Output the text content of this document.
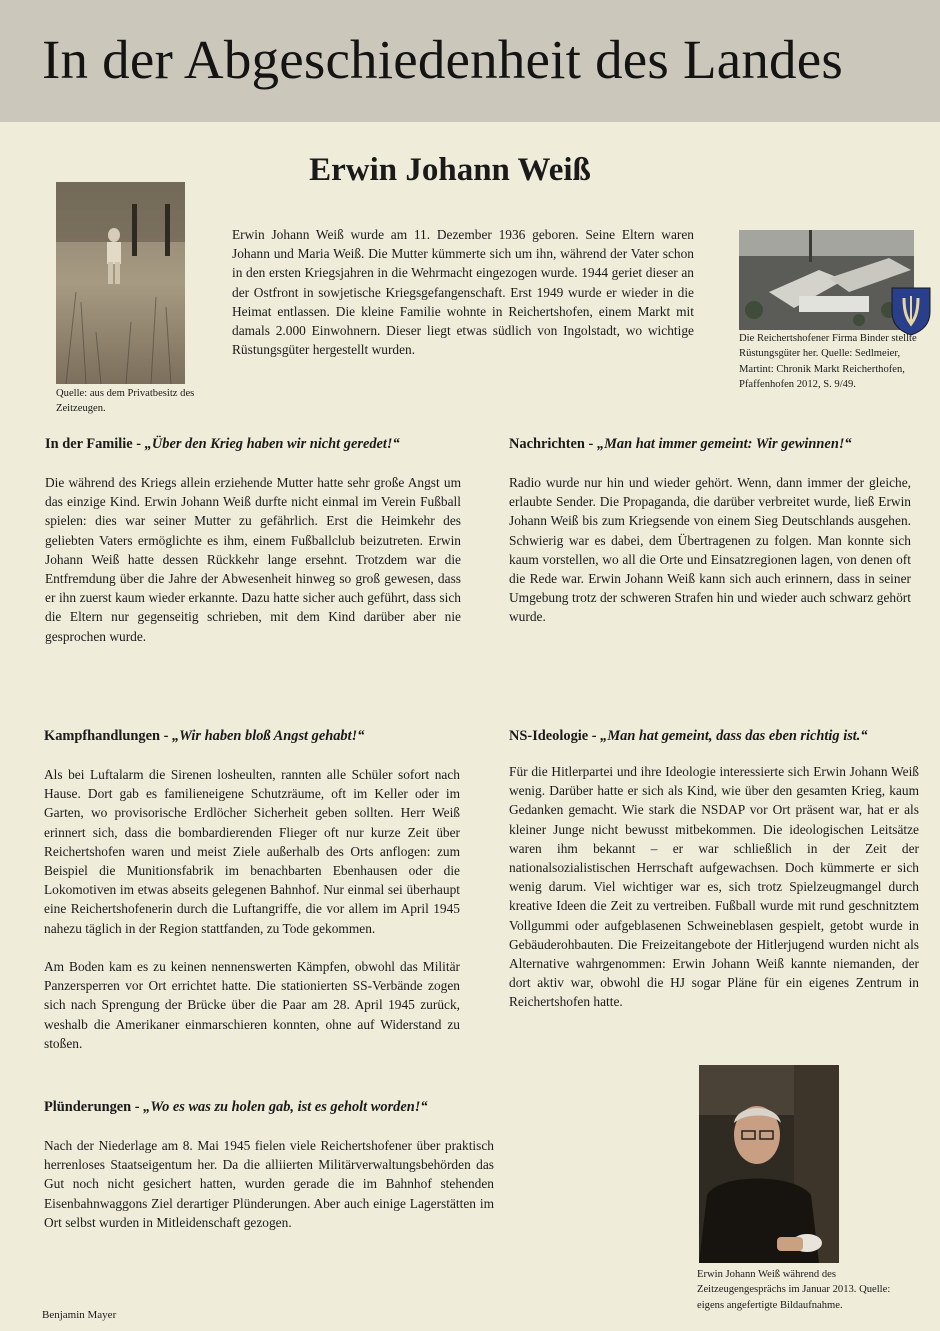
In der Abgeschiedenheit des Landes
Erwin Johann Weiß

Quelle: aus dem Privatbesitz des Zeitzeugen.

Erwin Johann Weiß wurde am 11. Dezember 1936 geboren. Seine Eltern waren Johann und Maria Weiß. Die Mutter kümmerte sich um ihn, während der Vater schon in den ersten Kriegsjahren in die Wehrmacht eingezogen wurde. 1944 geriet dieser an der Ostfront in sowjetische Kriegsgefangenschaft. Erst 1949 wurde er wieder in die Heimat entlassen. Die kleine Familie wohnte in Reichertshofen, einem Markt mit damals 2.000 Einwohnern. Dieser liegt etwas südlich von Ingolstadt, wo wichtige Rüstungsgüter hergestellt wurden.

Die Reichertshofener Firma Binder stellte Rüstungsgüter her. Quelle: Sedlmeier, Martint: Chronik Markt Reicherthofen, Pfaffenhofen 2012, S. 9/49.

In der Familie - „Über den Krieg haben wir nicht geredet!“

Die während des Kriegs allein erziehende Mutter hatte sehr große Angst um das einzige Kind. Erwin Johann Weiß durfte nicht einmal im Verein Fußball spielen: dies war seiner Mutter zu gefährlich. Erst die Heimkehr des geliebten Vaters ermöglichte es ihm, einem Fußballclub beizutreten. Erwin Johann Weiß hatte dessen Rückkehr lange ersehnt. Trotzdem war die Entfremdung über die Jahre der Abwesenheit hinweg so groß gewesen, dass er ihn zuerst kaum wieder erkannte. Dazu hatte sicher auch geführt, dass sich die Eltern nur gegenseitig schrieben, mit dem Kind darüber aber nie gesprochen wurde.

Nachrichten - „Man hat immer gemeint: Wir gewinnen!“

Radio wurde nur hin und wieder gehört. Wenn, dann immer der gleiche, erlaubte Sender. Die Propaganda, die darüber verbreitet wurde, ließ Erwin Johann Weiß bis zum Kriegsende von einem Sieg Deutschlands ausgehen. Schwierig war es dabei, dem Übertragenen zu folgen. Man konnte sich kaum vorstellen, wo all die Orte und Einsatzregionen lagen, von denen oft die Rede war. Erwin Johann Weiß kann sich auch erinnern, dass in seiner Umgebung trotz der schweren Strafen hin und wieder auch schwarz gehört wurde.

Kampfhandlungen - „Wir haben bloß Angst gehabt!“

Als bei Luftalarm die Sirenen losheulten, rannten alle Schüler sofort nach Hause. Dort gab es familieneigene Schutzräume, oft im Keller oder im Garten, wo provisorische Erdlöcher Sicherheit geben sollten. Herr Weiß erinnert sich, dass die bombardierenden Flieger oft nur kurze Zeit über Reichertshofen waren und meist Ziele außerhalb des Orts anflogen: zum Beispiel die Munitionsfabrik im benachbarten Ebenhausen oder die Lokomotiven im etwas abseits gelegenen Bahnhof. Nur einmal sei überhaupt eine Reichertshofenerin durch die Luftangriffe, die vor allem im April 1945 nahezu täglich in der Region stattfanden, zu Tode gekommen.

Am Boden kam es zu keinen nennenswerten Kämpfen, obwohl das Militär Panzersperren vor Ort errichtet hatte. Die stationierten SS-Verbände zogen sich nach Sprengung der Brücke über die Paar am 28. April 1945 zurück, weshalb die Amerikaner einmarschieren konnten, ohne auf Widerstand zu stoßen.

NS-Ideologie - „Man hat gemeint, dass das eben richtig ist.“

Für die Hitlerpartei und ihre Ideologie interessierte sich Erwin Johann Weiß wenig. Darüber hatte er sich als Kind, wie über den gesamten Krieg, kaum Gedanken gemacht. Wie stark die NSDAP vor Ort präsent war, hat er als kleiner Junge nicht bewusst mitbekommen. Die ideologischen Leitsätze waren ihm bekannt – er war schließlich in der Zeit der nationalsozialistischen Herrschaft aufgewachsen. Doch kümmerte er sich wenig darum. Viel wichtiger war es, sich trotz Spielzeugmangel durch kreative Ideen die Zeit zu vertreiben. Fußball wurde mit rund geschnitztem Vollgummi oder aufgeblasenen Schweineblasen gespielt, getobt wurde in Gebäuderohbauten. Die Freizeitangebote der Hitlerjugend wurden nicht als Alternative wahrgenommen: Erwin Johann Weiß kannte niemanden, der dort aktiv war, obwohl die HJ sogar Pläne für ein eigenes Zentrum in Reichertshofen hatte.

Plünderungen - „Wo es was zu holen gab, ist es geholt worden!“

Nach der Niederlage am 8. Mai 1945 fielen viele Reichertshofener über praktisch herrenloses Staatseigentum her. Da die alliierten Militärverwaltungsbehörden das Gut noch nicht gesichert hatten, wurden gerade die im Bahnhof stehenden Eisenbahnwaggons Ziel derartiger Plünderungen. Aber auch einige Lagerstätten im Ort selbst wurden in Mitleidenschaft gezogen.

Erwin Johann Weiß während des Zeitzeugengesprächs im Januar 2013. Quelle: eigens angefertigte Bildaufnahme.

Benjamin Mayer
